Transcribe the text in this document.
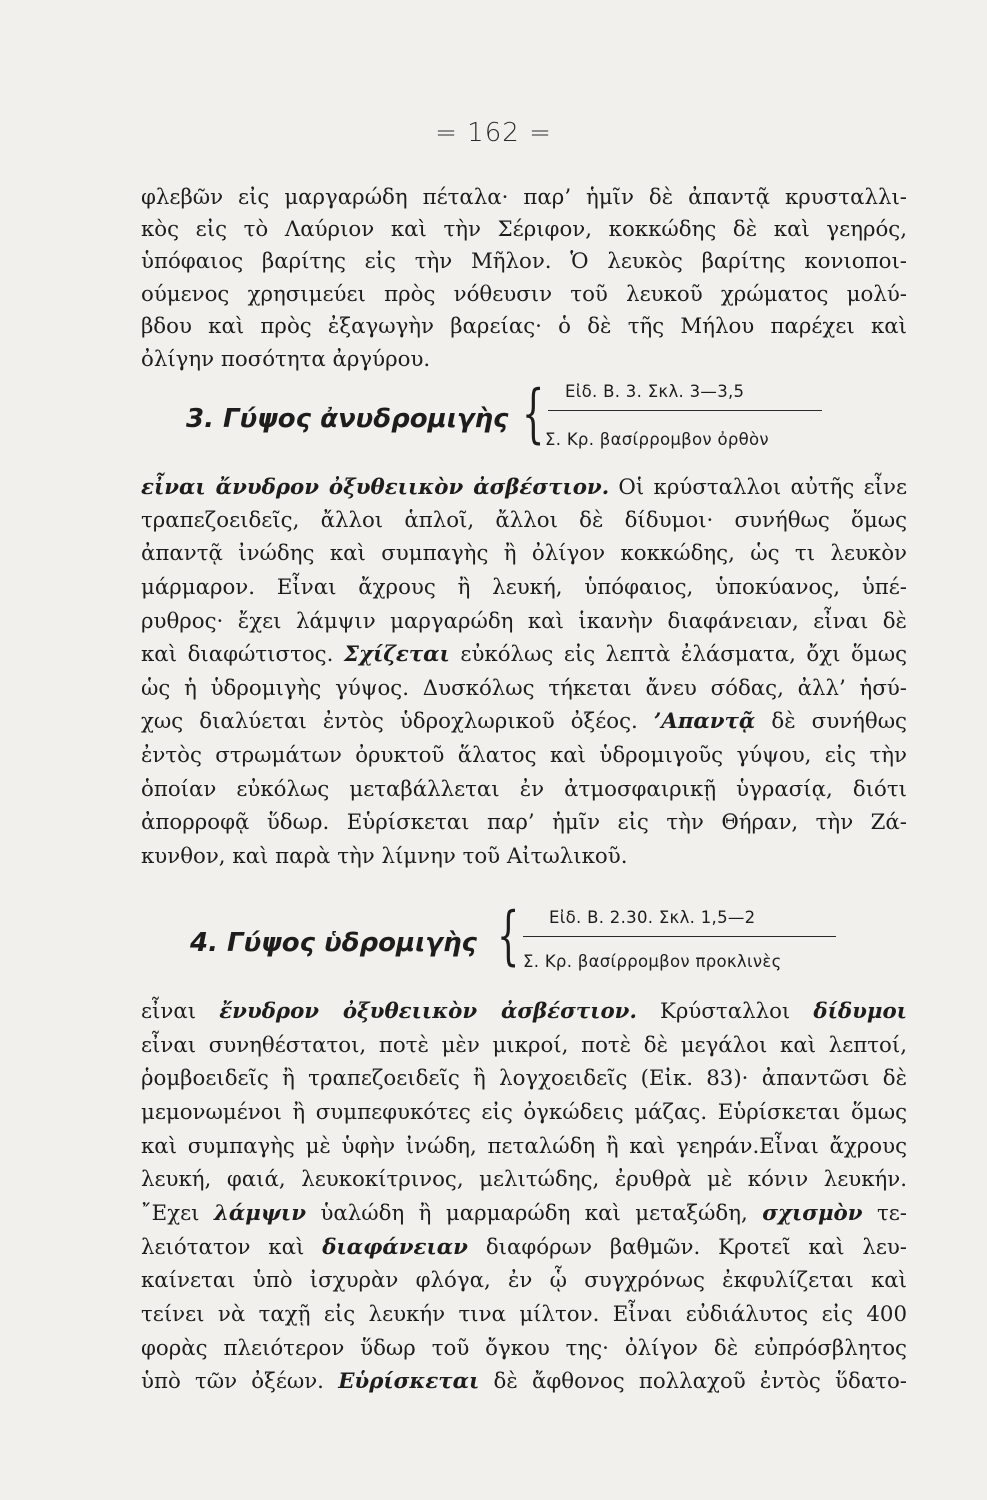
= 162 =
φλεβῶν εἰς μαργαρώδη πέταλα· παρ’ ἡμῖν δὲ ἀπαντᾷ κρυσταλλι-
κὸς εἰς τὸ Λαύριον καὶ τὴν Σέριφον, κοκκώδης δὲ καὶ γεηρός,
ὑπόφαιος βαρίτης εἰς τὴν Μῆλον. Ὁ λευκὸς βαρίτης κονιοποι-
ούμενος χρησιμεύει πρὸς νόθευσιν τοῦ λευκοῦ χρώματος μολύ-
βδου καὶ πρὸς ἐξαγωγὴν βαρείας· ὁ δὲ τῆς Μήλου παρέχει καὶ
ὀλίγην ποσότητα ἀργύρου.
3. Γύψος ἀνυδρομιγὴς { Εἰδ. Β. 3. Σκλ. 3—3,5
Σ. Κρ. βασίρρομβον ὀρθὸν
εἶναι ἄνυδρον ὀξυθειικὸν ἀσβέστιον. Οἱ κρύσταλλοι αὐτῆς εἶνε
τραπεζοειδεῖς, ἄλλοι ἁπλοῖ, ἄλλοι δὲ δίδυμοι· συνήθως ὅμως
ἀπαντᾷ ἰνώδης καὶ συμπαγὴς ἢ ὀλίγον κοκκώδης, ὡς τι λευκὸν
μάρμαρον. Εἶναι ἄχρους ἢ λευκή, ὑπόφαιος, ὑποκύανος, ὑπέ-
ρυθρος· ἔχει λάμψιν μαργαρώδη καὶ ἱκανὴν διαφάνειαν, εἶναι δὲ
καὶ διαφώτιστος. Σχίζεται εὐκόλως εἰς λεπτὰ ἐλάσματα, ὄχι ὅμως
ὡς ἡ ὑδρομιγὴς γύψος. Δυσκόλως τήκεται ἄνευ σόδας, ἀλλ’ ἡσύ-
χως διαλύεται ἐντὸς ὑδροχλωρικοῦ ὀξέος. ’Απαντᾷ δὲ συνήθως
ἐντὸς στρωμάτων ὀρυκτοῦ ἅλατος καὶ ὑδρομιγοῦς γύψου, εἰς τὴν
ὁποίαν εὐκόλως μεταβάλλεται ἐν ἀτμοσφαιρικῇ ὑγρασίᾳ, διότι
ἀπορροφᾷ ὕδωρ. Εὑρίσκεται παρ’ ἡμῖν εἰς τὴν Θήραν, τὴν Ζά-
κυνθον, καὶ παρὰ τὴν λίμνην τοῦ Αἰτωλικοῦ.
4. Γύψος ὑδρομιγὴς { Εἰδ. Β. 2.30. Σκλ. 1,5—2
Σ. Κρ. βασίρρομβον προκλινὲς
εἶναι ἔνυδρον ὀξυθειικὸν ἀσβέστιον. Κρύσταλλοι δίδυμοι
εἶναι συνηθέστατοι, ποτὲ μὲν μικροί, ποτὲ δὲ μεγάλοι καὶ λεπτοί,
ῥομβοειδεῖς ἢ τραπεζοειδεῖς ἢ λογχοειδεῖς (Εἰκ. 83)· ἀπαντῶσι δὲ
μεμονωμένοι ἢ συμπεφυκότες εἰς ὀγκώδεις μάζας. Εὑρίσκεται ὅμως
καὶ συμπαγὴς μὲ ὑφὴν ἰνώδη, πεταλώδη ἢ καὶ γεηράν.Εἶναι ἄχρους
λευκή, φαιά, λευκοκίτρινος, μελιτώδης, ἐρυθρὰ μὲ κόνιν λευκήν.
῎Εχει λάμψιν ὑαλώδη ἢ μαρμαρώδη καὶ μεταξώδη, σχισμὸν τε-
λειότατον καὶ διαφάνειαν διαφόρων βαθμῶν. Κροτεῖ καὶ λευ-
καίνεται ὑπὸ ἰσχυρὰν φλόγα, ἐν ᾧ συγχρόνως ἐκφυλίζεται καὶ
τείνει νὰ ταχῇ εἰς λευκήν τινα μίλτον. Εἶναι εὐδιάλυτος εἰς 400
φορὰς πλειότερον ὕδωρ τοῦ ὄγκου της· ὀλίγον δὲ εὐπρόσβλητος
ὑπὸ τῶν ὀξέων. Εὑρίσκεται δὲ ἄφθονος πολλαχοῦ ἐντὸς ὕδατο-
